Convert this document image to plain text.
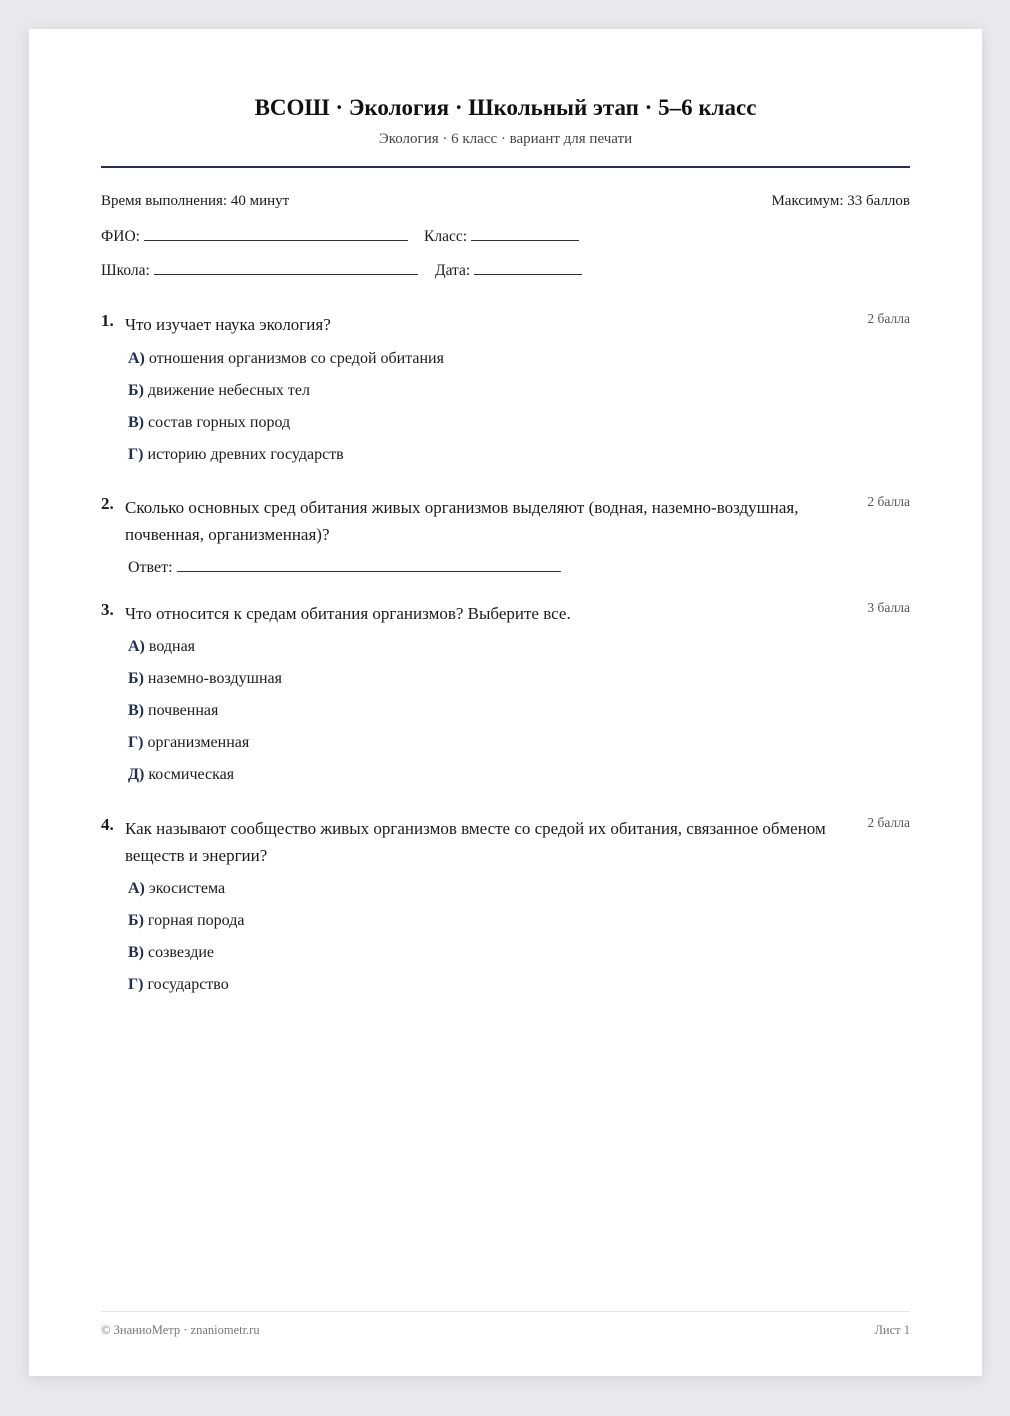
ВСОШ · Экология · Школьный этап · 5–6 класс
Экология · 6 класс · вариант для печати
Время выполнения: 40 минут	Максимум: 33 баллов
ФИО:	Класс:
Школа:	Дата:
1. Что изучает наука экология?	2 балла
А) отношения организмов со средой обитания
Б) движение небесных тел
В) состав горных пород
Г) историю древних государств
2. Сколько основных сред обитания живых организмов выделяют (водная, наземно-воздушная, почвенная, организменная)?
2 балла
Ответ:
3. Что относится к средам обитания организмов? Выберите все.	3 балла
А) водная
Б) наземно-воздушная
В) почвенная
Г) организменная
Д) космическая
4. Как называют сообщество живых организмов вместе со средой их обитания, связанное обменом веществ и энергии?
2 балла
А) экосистема
Б) горная порода
В) созвездие
Г) государство
© ЗнаниоМетр · znaniometr.ru	Лист 1
